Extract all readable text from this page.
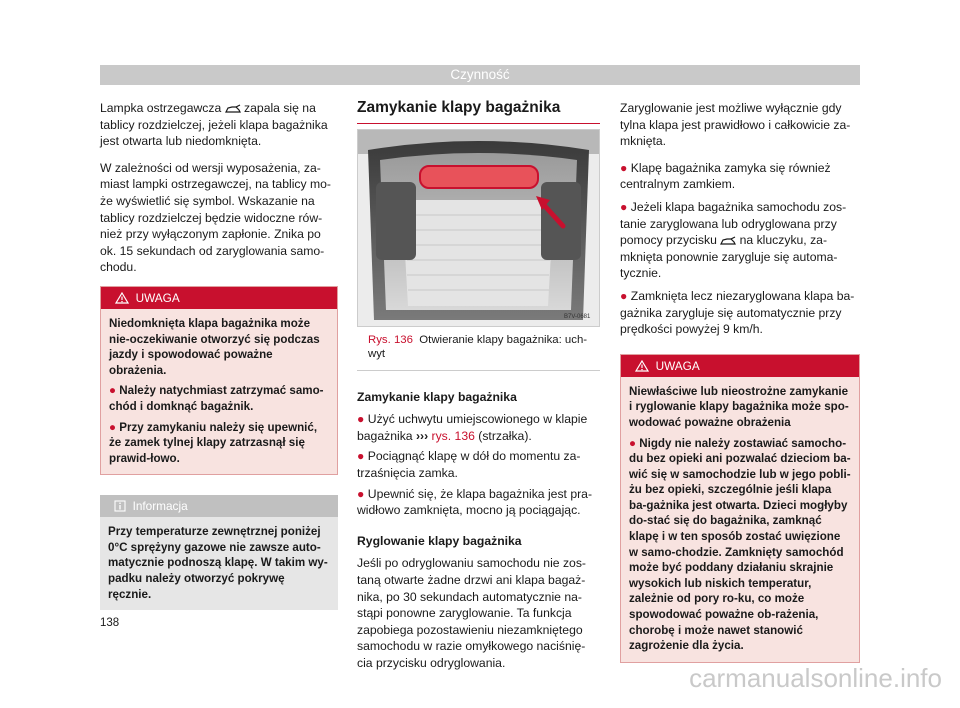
Czynność

Lampka ostrzegawcza  zapala się na tablicy rozdzielczej, jeżeli klapa bagażnika jest otwarta lub niedomknięta.

W zależności od wersji wyposażenia, za-miast lampki ostrzegawczej, na tablicy mo-że wyświetlić się symbol. Wskazanie na tablicy rozdzielczej będzie widoczne rów-nież przy wyłączonym zapłonie. Znika po ok. 15 sekundach od zaryglowania samo-chodu.

UWAGA

Niedomknięta klapa bagażnika może nie-oczekiwanie otworzyć się podczas jazdy i spowodować poważne obrażenia.

● Należy natychmiast zatrzymać samo-chód i domknąć bagażnik.

● Przy zamykaniu należy się upewnić, że zamek tylnej klapy zatrzasnął się prawid-łowo.

Informacja
Przy temperaturze zewnętrznej poniżej 0°C sprężyny gazowe nie zawsze auto-matycznie podnoszą klapę. W takim wy-padku należy otworzyć pokrywę ręcznie.
Zamykanie klapy bagażnika
B7V-0681

Rys. 136 Otwieranie klapy bagażnika: uch-wyt

Zamykanie klapy bagażnika

● Użyć uchwytu umiejscowionego w klapie bagażnika ››› rys. 136 (strzałka).

● Pociągnąć klapę w dół do momentu za-trzaśnięcia zamka.

● Upewnić się, że klapa bagażnika jest pra-widłowo zamknięta, mocno ją pociągając.

Ryglowanie klapy bagażnika

Jeśli po odryglowaniu samochodu nie zos-taną otwarte żadne drzwi ani klapa bagaż-nika, po 30 sekundach automatycznie na-stąpi ponowne zaryglowanie. Ta funkcja zapobiega pozostawieniu niezamkniętego samochodu w razie omyłkowego naciśnię-cia przycisku odryglowania.

Zaryglowanie jest możliwe wyłącznie gdy tylna klapa jest prawidłowo i całkowicie za-mknięta.

● Klapę bagażnika zamyka się również centralnym zamkiem.

● Jeżeli klapa bagażnika samochodu zos-tanie zaryglowana lub odryglowana przy pomocy przycisku  na kluczyku, za-mknięta ponownie zarygluje się automa-tycznie.

● Zamknięta lecz niezaryglowana klapa ba-gażnika zarygluje się automatycznie przy prędkości powyżej 9 km/h.

UWAGA

Niewłaściwe lub nieostrożne zamykanie i ryglowanie klapy bagażnika może spo-wodować poważne obrażenia

● Nigdy nie należy zostawiać samocho-du bez opieki ani pozwalać dzieciom ba-wić się w samochodzie lub w jego pobli-żu bez opieki, szczególnie jeśli klapa ba-gażnika jest otwarta. Dzieci mogłyby do-stać się do bagażnika, zamknąć klapę i w ten sposób zostać uwięzione w samo-chodzie. Zamknięty samochód może być poddany działaniu skrajnie wysokich lub niskich temperatur, zależnie od pory ro-ku, co może spowodować poważne ob-rażenia, chorobę i może nawet stanowić zagrożenie dla życia.

138
carmanualsonline.info
